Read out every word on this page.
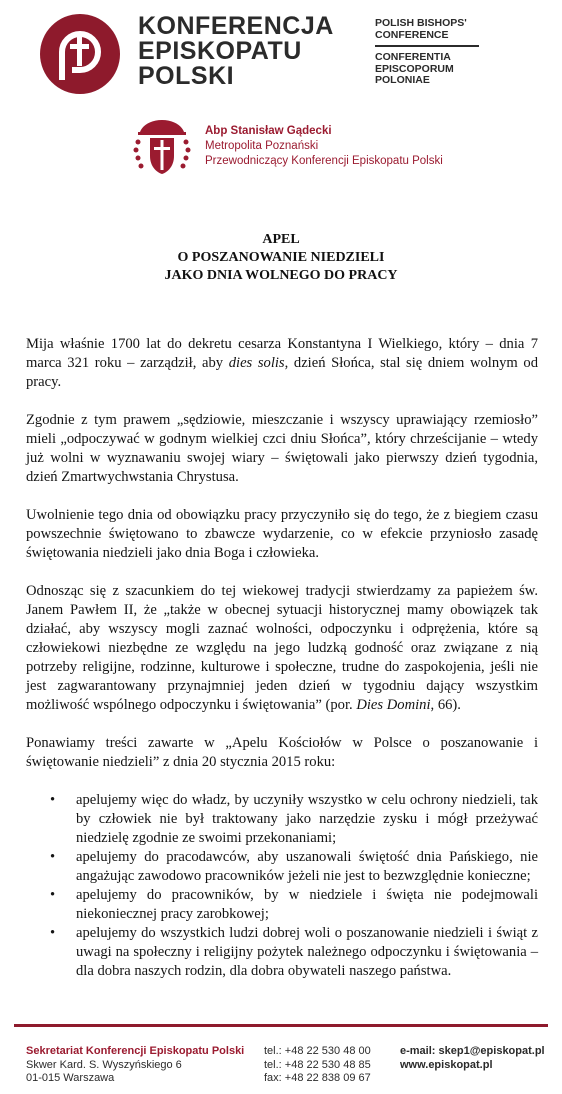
KONFERENCJA
EPISKOPATU
POLSKI
POLISH BISHOPS'
CONFERENCE
CONFERENTIA
EPISCOPORUM
POLONIAE
Abp Stanisław Gądecki
Metropolita Poznański
Przewodniczący Konferencji Episkopatu Polski
APEL
O POSZANOWANIE NIEDZIELI
JAKO DNIA WOLNEGO DO PRACY

Mija właśnie 1700 lat do dekretu cesarza Konstantyna I Wielkiego, który – dnia 7 marca 321 roku – zarządził, aby dies solis, dzień Słońca, stal się dniem wolnym od pracy.

Zgodnie z tym prawem „sędziowie, mieszczanie i wszyscy uprawiający rzemiosło” mieli „odpoczywać w godnym wielkiej czci dniu Słońca”, który chrześcijanie – wtedy już wolni w wyznawaniu swojej wiary – świętowali jako pierwszy dzień tygodnia, dzień Zmartwychwstania Chrystusa.

Uwolnienie tego dnia od obowiązku pracy przyczyniło się do tego, że z biegiem czasu powszechnie świętowano to zbawcze wydarzenie, co w efekcie przyniosło zasadę świętowania niedzieli jako dnia Boga i człowieka.

Odnosząc się z szacunkiem do tej wiekowej tradycji stwierdzamy za papieżem św. Janem Pawłem II, że „także w obecnej sytuacji historycznej mamy obowiązek tak działać, aby wszyscy mogli zaznać wolności, odpoczynku i odprężenia, które są człowiekowi niezbędne ze względu na jego ludzką godność oraz związane z nią potrzeby religijne, rodzinne, kulturowe i społeczne, trudne do zaspokojenia, jeśli nie jest zagwarantowany przynajmniej jeden dzień w tygodniu dający wszystkim możliwość wspólnego odpoczynku i świętowania” (por. Dies Domini, 66).

Ponawiamy treści zawarte w „Apelu Kościołów w Polsce o poszanowanie i świętowanie niedzieli” z dnia 20 stycznia 2015 roku:

• apelujemy więc do władz, by uczyniły wszystko w celu ochrony niedzieli, tak by człowiek nie był traktowany jako narzędzie zysku i mógł przeżywać niedzielę zgodnie ze swoimi przekonaniami;
• apelujemy do pracodawców, aby uszanowali świętość dnia Pańskiego, nie angażując zawodowo pracowników jeżeli nie jest to bezwzględnie konieczne;
• apelujemy do pracowników, by w niedziele i święta nie podejmowali niekoniecznej pracy zarobkowej;
• apelujemy do wszystkich ludzi dobrej woli o poszanowanie niedzieli i świąt z uwagi na społeczny i religijny pożytek należnego odpoczynku i świętowania – dla dobra naszych rodzin, dla dobra obywateli naszego państwa.
Sekretariat Konferencji Episkopatu Polski
Skwer Kard. S. Wyszyńskiego 6
01-015 Warszawa
tel.: +48 22 530 48 00
tel.: +48 22 530 48 85
fax: +48 22 838 09 67
e-mail: skep1@episkopat.pl
www.episkopat.pl
